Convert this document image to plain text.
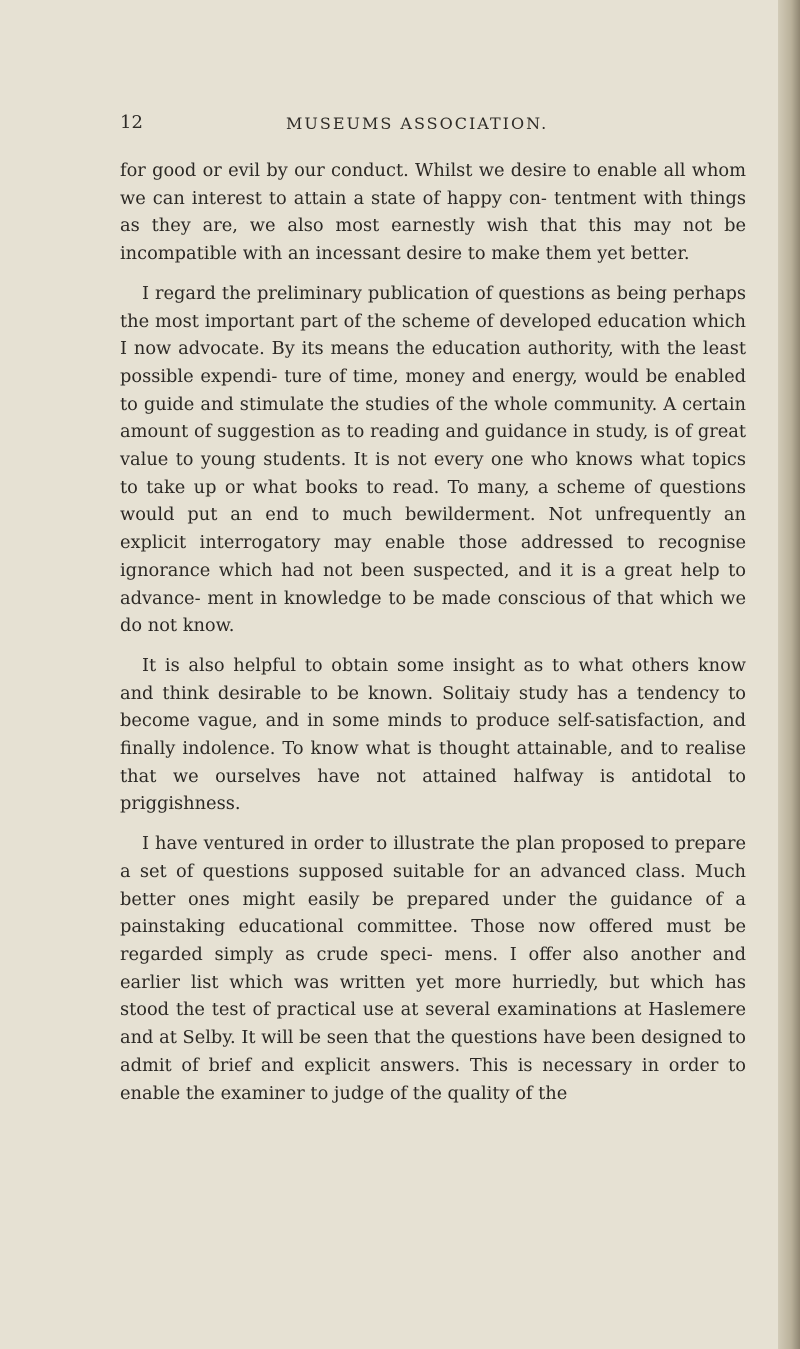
12	MUSEUMS ASSOCIATION.

for good or evil by our conduct. Whilst we desire to enable all whom we can interest to attain a state of happy con- tentment with things as they are, we also most earnestly wish that this may not be incompatible with an incessant desire to make them yet better.

I regard the preliminary publication of questions as being perhaps the most important part of the scheme of developed education which I now advocate. By its means the education authority, with the least possible expendi- ture of time, money and energy, would be enabled to guide and stimulate the studies of the whole community. A certain amount of suggestion as to reading and guidance in study, is of great value to young students. It is not every one who knows what topics to take up or what books to read. To many, a scheme of questions would put an end to much bewilderment. Not unfrequently an explicit interrogatory may enable those addressed to recognise ignorance which had not been suspected, and it is a great help to advance- ment in knowledge to be made conscious of that which we do not know.

It is also helpful to obtain some insight as to what others know and think desirable to be known. Solitaiy study has a tendency to become vague, and in some minds to produce self-satisfaction, and finally indolence. To know what is thought attainable, and to realise that we ourselves have not attained halfway is antidotal to priggishness.

I have ventured in order to illustrate the plan proposed to prepare a set of questions supposed suitable for an advanced class. Much better ones might easily be prepared under the guidance of a painstaking educational committee. Those now offered must be regarded simply as crude speci- mens. I offer also another and earlier list which was written yet more hurriedly, but which has stood the test of practical use at several examinations at Haslemere and at Selby. It will be seen that the questions have been designed to admit of brief and explicit answers. This is necessary in order to enable the examiner to judge of the quality of the
